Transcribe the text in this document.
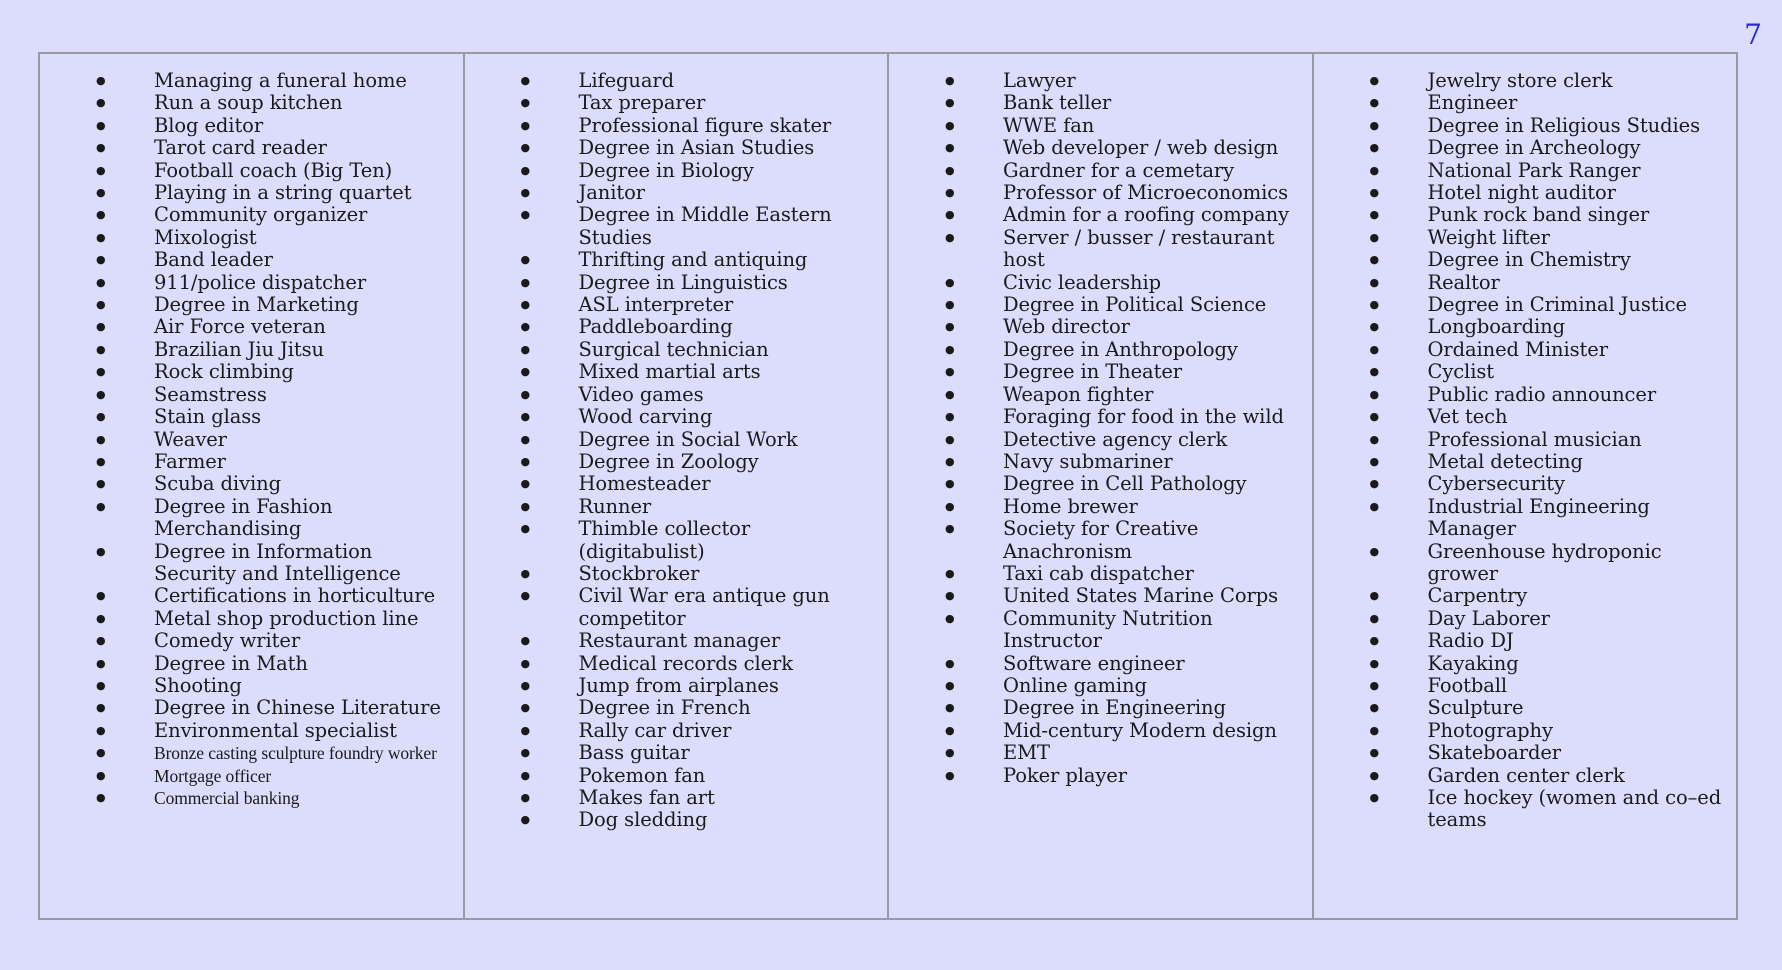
7
● Managing a funeral home
● Run a soup kitchen
● Blog editor
● Tarot card reader
● Football coach (Big Ten)
● Playing in a string quartet
● Community organizer
● Mixologist
● Band leader
● 911/police dispatcher
● Degree in Marketing
● Air Force veteran
● Brazilian Jiu Jitsu
● Rock climbing
● Seamstress
● Stain glass
● Weaver
● Farmer
● Scuba diving
● Degree in Fashion Merchandising
● Degree in Information Security and Intelligence
● Certifications in horticulture
● Metal shop production line
● Comedy writer
● Degree in Math
● Shooting
● Degree in Chinese Literature
● Environmental specialist
● Bronze casting sculpture foundry worker
● Mortgage officer
● Commercial banking
● Lifeguard
● Tax preparer
● Professional figure skater
● Degree in Asian Studies
● Degree in Biology
● Janitor
● Degree in Middle Eastern Studies
● Thrifting and antiquing
● Degree in Linguistics
● ASL interpreter
● Paddleboarding
● Surgical technician
● Mixed martial arts
● Video games
● Wood carving
● Degree in Social Work
● Degree in Zoology
● Homesteader
● Runner
● Thimble collector (digitabulist)
● Stockbroker
● Civil War era antique gun competitor
● Restaurant manager
● Medical records clerk
● Jump from airplanes
● Degree in French
● Rally car driver
● Bass guitar
● Pokemon fan
● Makes fan art
● Dog sledding
● Lawyer
● Bank teller
● WWE fan
● Web developer / web design
● Gardner for a cemetary
● Professor of Microeconomics
● Admin for a roofing company
● Server / busser / restaurant host
● Civic leadership
● Degree in Political Science
● Web director
● Degree in Anthropology
● Degree in Theater
● Weapon fighter
● Foraging for food in the wild
● Detective agency clerk
● Navy submariner
● Degree in Cell Pathology
● Home brewer
● Society for Creative Anachronism
● Taxi cab dispatcher
● United States Marine Corps
● Community Nutrition Instructor
● Software engineer
● Online gaming
● Degree in Engineering
● Mid-century Modern design
● EMT
● Poker player
● Jewelry store clerk
● Engineer
● Degree in Religious Studies
● Degree in Archeology
● National Park Ranger
● Hotel night auditor
● Punk rock band singer
● Weight lifter
● Degree in Chemistry
● Realtor
● Degree in Criminal Justice
● Longboarding
● Ordained Minister
● Cyclist
● Public radio announcer
● Vet tech
● Professional musician
● Metal detecting
● Cybersecurity
● Industrial Engineering Manager
● Greenhouse hydroponic grower
● Carpentry
● Day Laborer
● Radio DJ
● Kayaking
● Football
● Sculpture
● Photography
● Skateboarder
● Garden center clerk
● Ice hockey (women and co–ed teams
